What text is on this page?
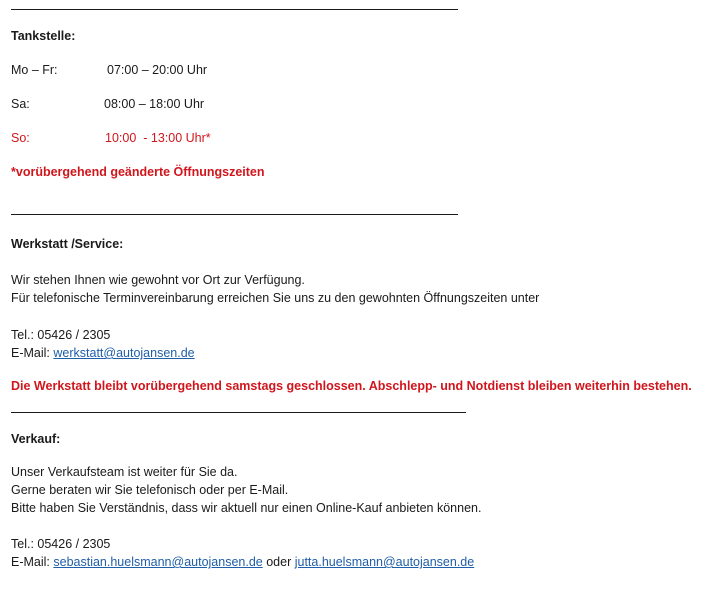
Tankstelle:
Mo – Fr:	07:00 – 20:00 Uhr
Sa:	08:00 – 18:00 Uhr
So:	10:00  - 13:00 Uhr*
*vorübergehend geänderte Öffnungszeiten
Werkstatt /Service:
Wir stehen Ihnen wie gewohnt vor Ort zur Verfügung.
Für telefonische Terminvereinbarung erreichen Sie uns zu den gewohnten Öffnungszeiten unter
Tel.: 05426 / 2305
E-Mail: werkstatt@autojansen.de
Die Werkstatt bleibt vorübergehend samstags geschlossen. Abschlepp- und Notdienst bleiben weiterhin bestehen.
Verkauf:
Unser Verkaufsteam ist weiter für Sie da.
Gerne beraten wir Sie telefonisch oder per E-Mail.
Bitte haben Sie Verständnis, dass wir aktuell nur einen Online-Kauf anbieten können.
Tel.: 05426 / 2305
E-Mail: sebastian.huelsmann@autojansen.de oder jutta.huelsmann@autojansen.de
